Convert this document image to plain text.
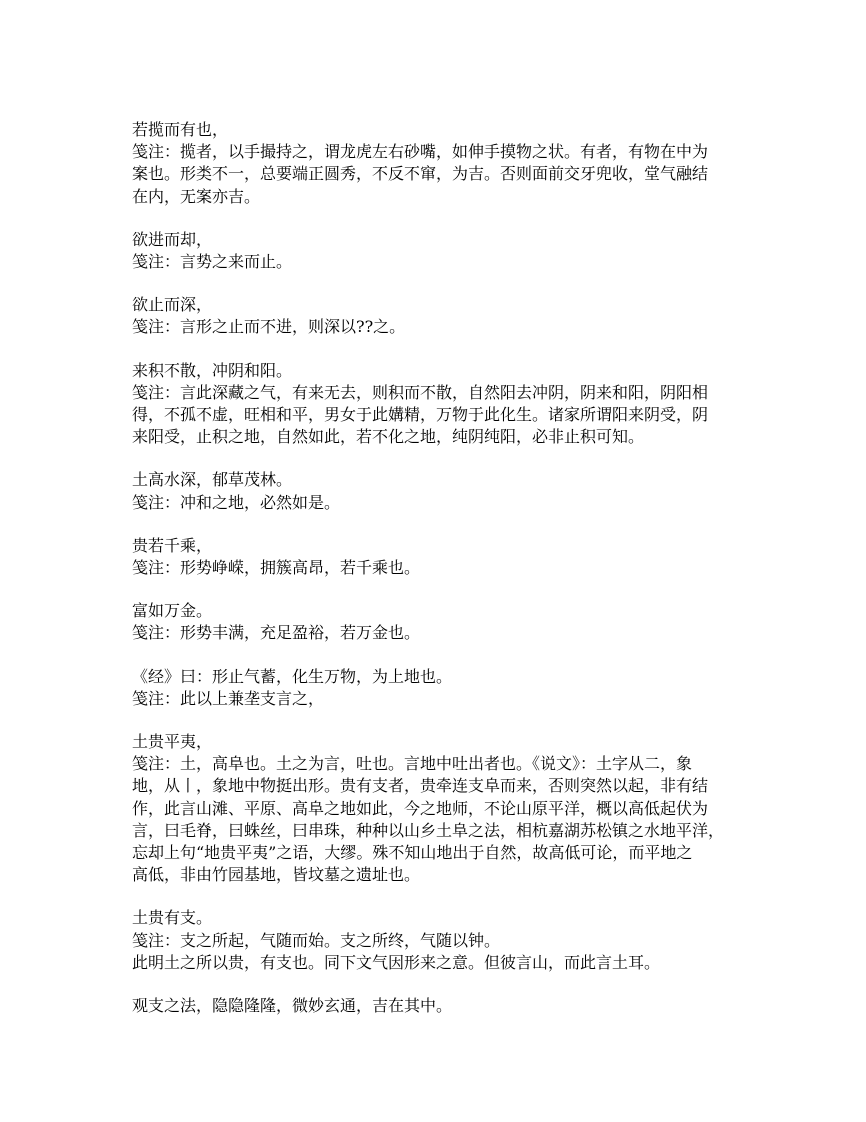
若揽而有也，
笺注：揽者，以手撮持之，谓龙虎左右砂嘴，如伸手摸物之状。有者，有物在中为
案也。形类不一，总要端正圆秀，不反不窜，为吉。否则面前交牙兜收，堂气融结
在内，无案亦吉。
欲进而却，
笺注：言势之来而止。
欲止而深，
笺注：言形之止而不进，则深以??之。
来积不散，冲阴和阳。
笺注：言此深藏之气，有来无去，则积而不散，自然阳去冲阴，阴来和阳，阴阳相
得，不孤不虚，旺相和平，男女于此媾精，万物于此化生。诸家所谓阳来阴受，阴
来阳受，止积之地，自然如此，若不化之地，纯阴纯阳，必非止积可知。
土高水深，郁草茂林。
笺注：冲和之地，必然如是。
贵若千乘，
笺注：形势峥嵘，拥簇高昂，若千乘也。
富如万金。
笺注：形势丰满，充足盈裕，若万金也。
《经》曰：形止气蓄，化生万物，为上地也。
笺注：此以上兼垄支言之，
土贵平夷，
笺注：土，高阜也。土之为言，吐也。言地中吐出者也。《说文》：土字从二，象
地，从丨，象地中物挺出形。贵有支者，贵牵连支阜而来，否则突然以起，非有结
作，此言山滩、平原、高阜之地如此，今之地师，不论山原平洋，概以高低起伏为
言，曰毛脊，曰蛛丝，曰串珠，种种以山乡土阜之法，相杭嘉湖苏松镇之水地平洋，
忘却上句“地贵平夷”之语，大缪。殊不知山地出于自然，故高低可论，而平地之
高低，非由竹园基地，皆坟墓之遗址也。
土贵有支。
笺注：支之所起，气随而始。支之所终，气随以钟。
此明土之所以贵，有支也。同下文气因形来之意。但彼言山，而此言土耳。
观支之法，隐隐隆隆，微妙玄通，吉在其中。
